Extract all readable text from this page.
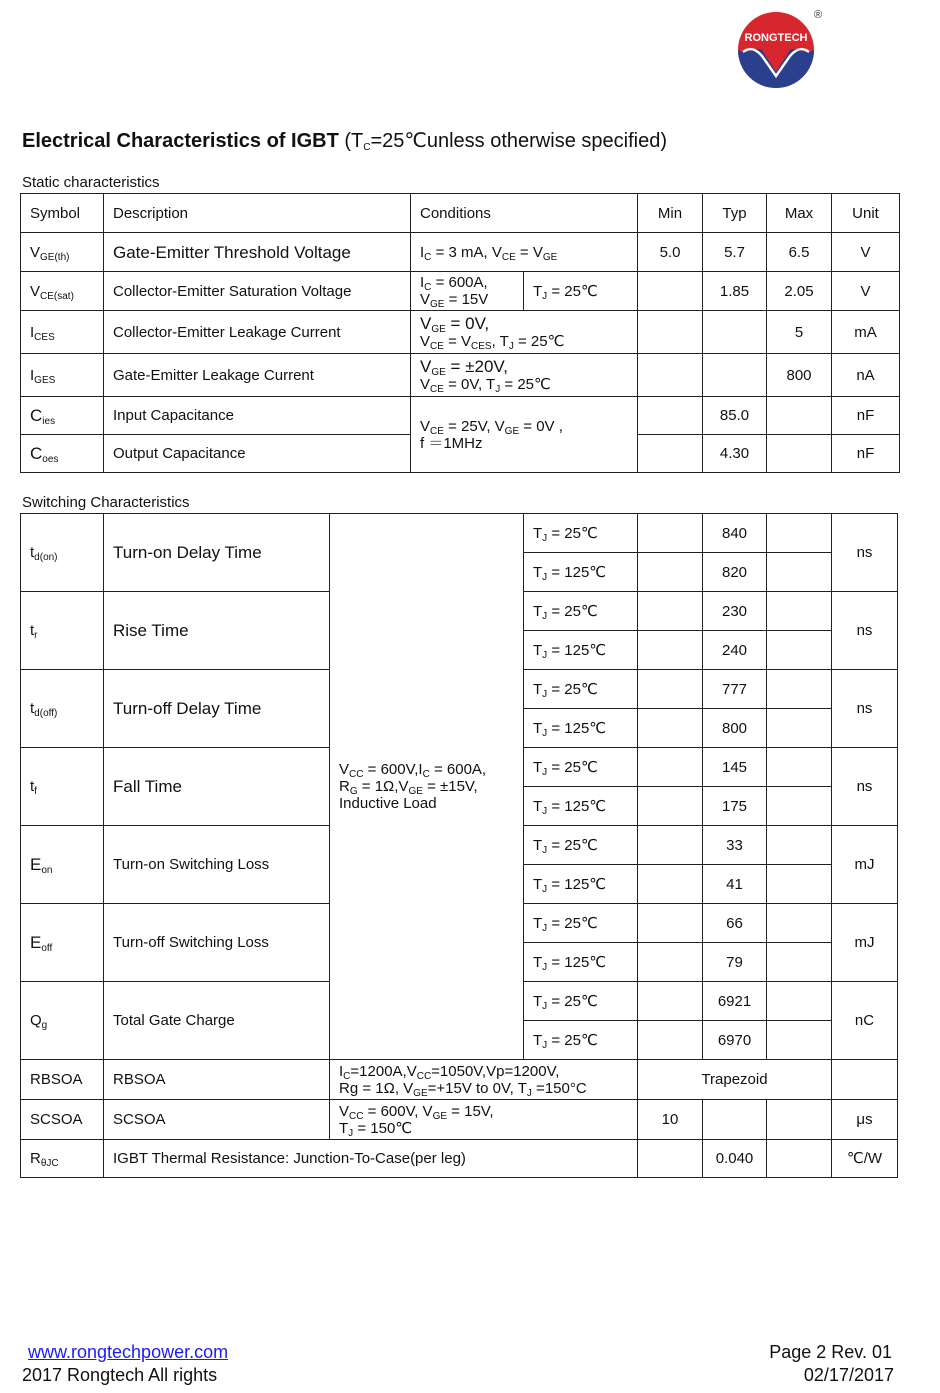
RONGTECH
®
Electrical Characteristics of IGBT ($T_C=25℃unless$ otherwise specified)
Static characteristics
Symbol	Description	Conditions		Min	Typ	Max	Unit
$V_{GE(th)}$	Gate-Emitter Threshold Voltage	$I_C = 3$ mA, $V_{CE} = V_{GE}$		5.0	5.7	6.5	V
$V_{CE(sat)}$	Collector-Emitter Saturation Voltage	$I_C = 600A$,
$V_{GE} = 15V$	$T_J$ = 25℃		1.85	2.05	V
$I_{CES}$	Collector-Emitter Leakage Current	$V_{GE} = 0V$,
$V_{CE} = V_{CES}$, $T_J$ = 25℃				5	mA
$I_{GES}$	Gate-Emitter Leakage Current	$V_{GE} = \pm 20V$,
$V_{CE} = 0V$, $T_J$ = 25℃				800	nA
$C_{ies}$	Input Capacitance	$V_{CE} = 25V$, $V_{GE} = 0V$ ,
f ＝1MHz			85.0		nF
$C_{oes}$	Output Capacitance				4.30		nF
Switching Characteristics
$t_{d(on)}$	Turn-on Delay Time	$V_{CC} = 600V,I_C = 600A$,
$R_G = 1\Omega,V_{GE} = \pm 15V$,
Inductive Load	$T_J$ = 25℃		840		ns
			$T_J$ = 125℃		820		
$t_r$	Rise Time		$T_J$ = 25℃		230		ns
			$T_J$ = 125℃		240		
$t_{d(off)}$	Turn-off Delay Time		$T_J$ = 25℃		777		ns
			$T_J$ = 125℃		800		
$t_f$	Fall Time		$T_J$ = 25℃		145		ns
			$T_J$ = 125℃		175		
$E_{on}$	Turn-on Switching Loss		$T_J$ = 25℃		33		mJ
			$T_J$ = 125℃		41		
$E_{off}$	Turn-off Switching Loss		$T_J$ = 25℃		66		mJ
			$T_J$ = 125℃		79		
$Q_g$	Total Gate Charge		$T_J$ = 25℃		6921		nC
			$T_J$ = 25℃		6970		
RBSOA	RBSOA	$I_C=1200A,V_{CC}=1050V,Vp=1200V$,
Rg = 1Ω, $V_{GE}=+15V$ to 0V, $T_J =150^\circ C$		Trapezoid			
SCSOA	SCSOA	$V_{CC} = 600V$, $V_{GE} = 15V$,
$T_J$ = 150℃		10			μs
$R_{\theta JC}$	IGBT Thermal Resistance: Junction-To-Case(per leg)				0.040		℃/W
www.rongtechpower.com
2017 Rongtech All rights
Page 2 Rev. 01
02/17/2017
